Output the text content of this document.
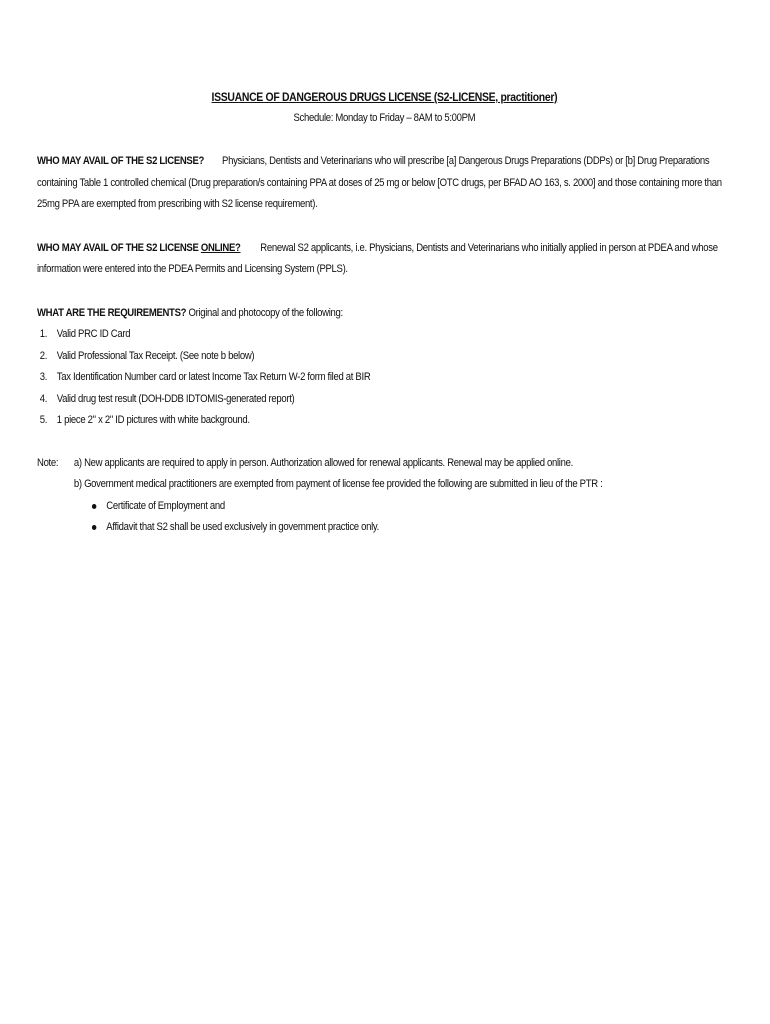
ISSUANCE OF DANGEROUS DRUGS LICENSE (S2-LICENSE, practitioner)
Schedule: Monday to Friday – 8AM to 5:00PM

WHO MAY AVAIL OF THE S2 LICENSE? Physicians, Dentists and Veterinarians who will prescribe [a] Dangerous Drugs Preparations (DDPs) or [b] Drug Preparations containing Table 1 controlled chemical (Drug preparation/s containing PPA at doses of 25 mg or below [OTC drugs, per BFAD AO 163, s. 2000] and those containing more than 25mg PPA are exempted from prescribing with S2 license requirement).

WHO MAY AVAIL OF THE S2 LICENSE ONLINE? Renewal S2 applicants, i.e. Physicians, Dentists and Veterinarians who initially applied in person at PDEA and whose information were entered into the PDEA Permits and Licensing System (PPLS).

WHAT ARE THE REQUIREMENTS? Original and photocopy of the following:
1. Valid PRC ID Card
2. Valid Professional Tax Receipt. (See note b below)
3. Tax Identification Number card or latest Income Tax Return W-2 form filed at BIR
4. Valid drug test result (DOH-DDB IDTOMIS-generated report)
5. 1 piece 2" x 2" ID pictures with white background.
Note:	a) New applicants are required to apply in person. Authorization allowed for renewal applicants. Renewal may be applied online.
b) Government medical practitioners are exempted from payment of license fee provided the following are submitted in lieu of the PTR :
Certificate of Employment and
Affidavit that S2 shall be used exclusively in government practice only.
